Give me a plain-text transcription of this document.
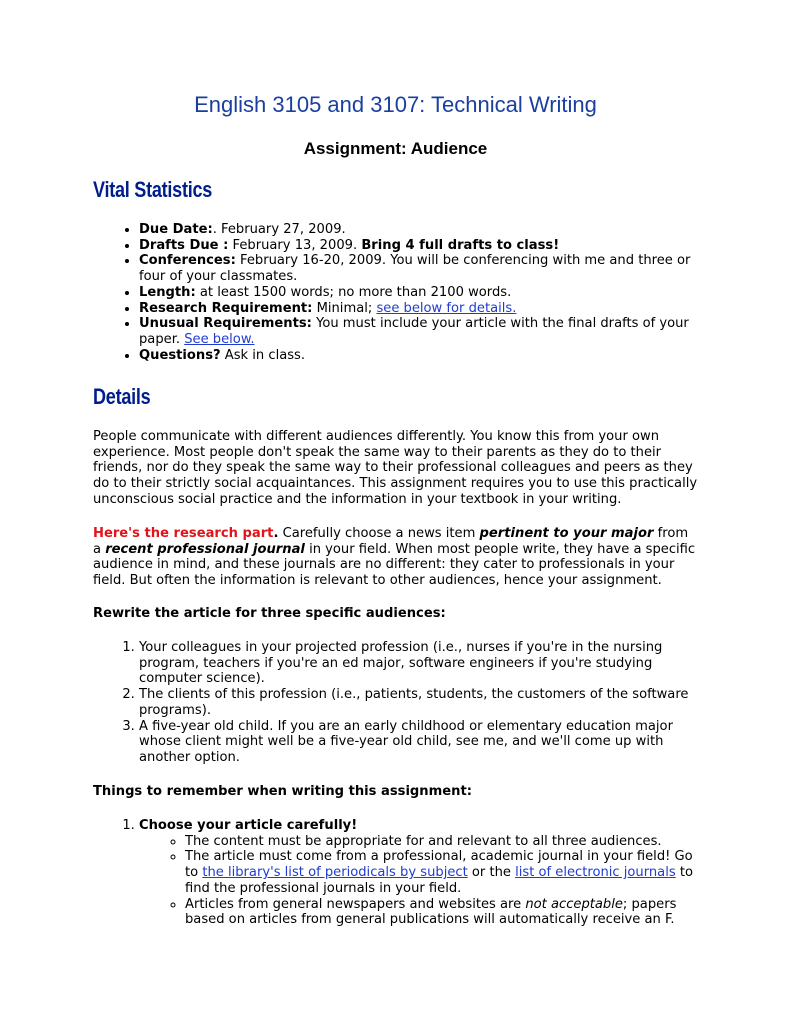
English 3105 and 3107: Technical Writing
Assignment: Audience
Vital Statistics
• Due Date:. February 27, 2009.
• Drafts Due : February 13, 2009. Bring 4 full drafts to class!
• Conferences: February 16-20, 2009. You will be conferencing with me and three or four of your classmates.
• Length: at least 1500 words; no more than 2100 words.
• Research Requirement: Minimal; see below for details.
• Unusual Requirements: You must include your article with the final drafts of your paper. See below.
• Questions? Ask in class.
Details

People communicate with different audiences differently. You know this from your own experience. Most people don't speak the same way to their parents as they do to their friends, nor do they speak the same way to their professional colleagues and peers as they do to their strictly social acquaintances. This assignment requires you to use this practically unconscious social practice and the information in your textbook in your writing.

Here's the research part. Carefully choose a news item pertinent to your major from a recent professional journal in your field. When most people write, they have a specific audience in mind, and these journals are no different: they cater to professionals in your field. But often the information is relevant to other audiences, hence your assignment.

Rewrite the article for three specific audiences:

1. Your colleagues in your projected profession (i.e., nurses if you're in the nursing program, teachers if you're an ed major, software engineers if you're studying computer science).
2. The clients of this profession (i.e., patients, students, the customers of the software programs).
3. A five-year old child. If you are an early childhood or elementary education major whose client might well be a five-year old child, see me, and we'll come up with another option.

Things to remember when writing this assignment:

1. Choose your article carefully!
◦ The content must be appropriate for and relevant to all three audiences.
◦ The article must come from a professional, academic journal in your field! Go to the library's list of periodicals by subject or the list of electronic journals to find the professional journals in your field.
◦ Articles from general newspapers and websites are not acceptable; papers based on articles from general publications will automatically receive an F.
